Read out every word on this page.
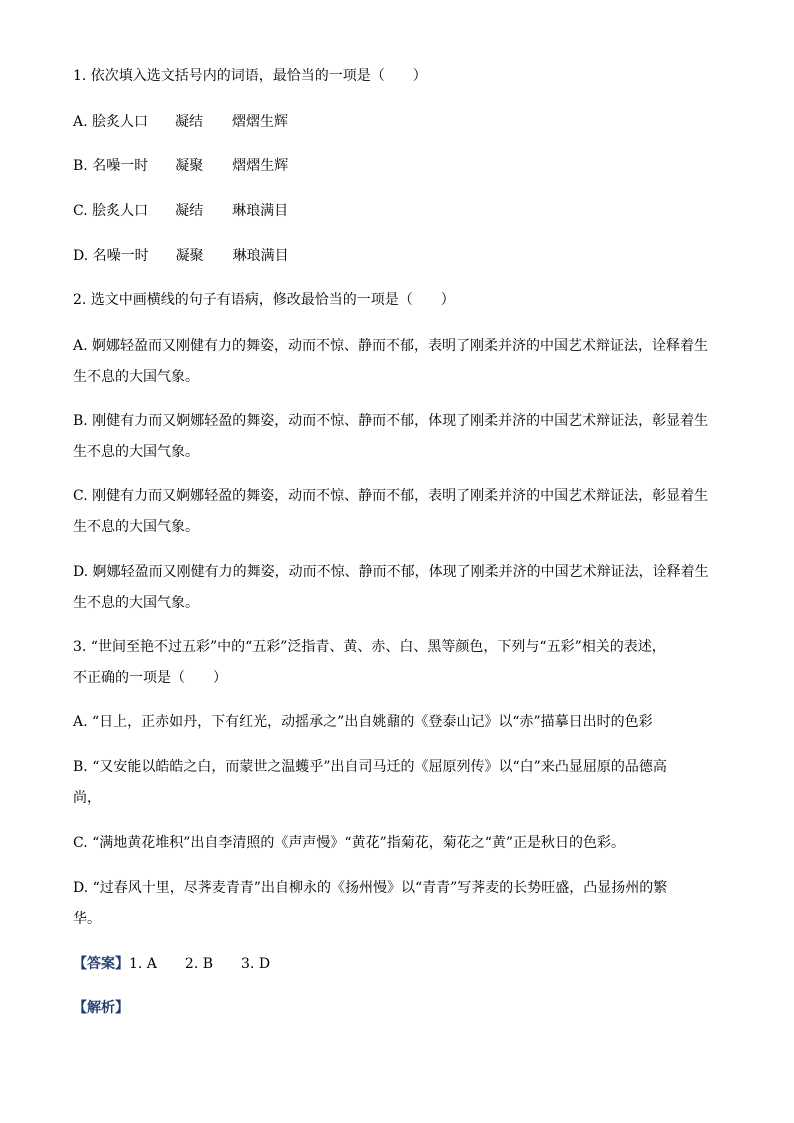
1. 依次填入选文括号内的词语，最恰当的一项是（　　）
A. 脍炙人口 凝结 熠熠生辉
B. 名噪一时 凝聚 熠熠生辉
C. 脍炙人口 凝结 琳琅满目
D. 名噪一时 凝聚 琳琅满目
2. 选文中画横线的句子有语病，修改最恰当的一项是（　　）
A. 婀娜轻盈而又刚健有力的舞姿，动而不惊、静而不郁，表明了刚柔并济的中国艺术辩证法，诠释着生
生不息的大国气象。
B. 刚健有力而又婀娜轻盈的舞姿，动而不惊、静而不郁，体现了刚柔并济的中国艺术辩证法，彰显着生
生不息的大国气象。
C. 刚健有力而又婀娜轻盈的舞姿，动而不惊、静而不郁，表明了刚柔并济的中国艺术辩证法，彰显着生
生不息的大国气象。
D. 婀娜轻盈而又刚健有力的舞姿，动而不惊、静而不郁，体现了刚柔并济的中国艺术辩证法，诠释着生
生不息的大国气象。
3. “世间至艳不过五彩”中的“五彩”泛指青、黄、赤、白、黑等颜色，下列与“五彩”相关的表述，
不正确的一项是（　　）
A. “日上，正赤如丹，下有红光，动摇承之”出自姚鼐的《登泰山记》以“赤”描摹日出时的色彩
B. “又安能以皓皓之白，而蒙世之温蠖乎”出自司马迁的《屈原列传》以“白”来凸显屈原的品德高
尚，
C. “满地黄花堆积”出自李清照的《声声慢》“黄花”指菊花，菊花之“黄”正是秋日的色彩。
D. “过春风十里，尽荠麦青青”出自柳永的《扬州慢》以“青青”写荠麦的长势旺盛，凸显扬州的繁
华。
【答案】1. A　　2. B　　3. D
【解析】
